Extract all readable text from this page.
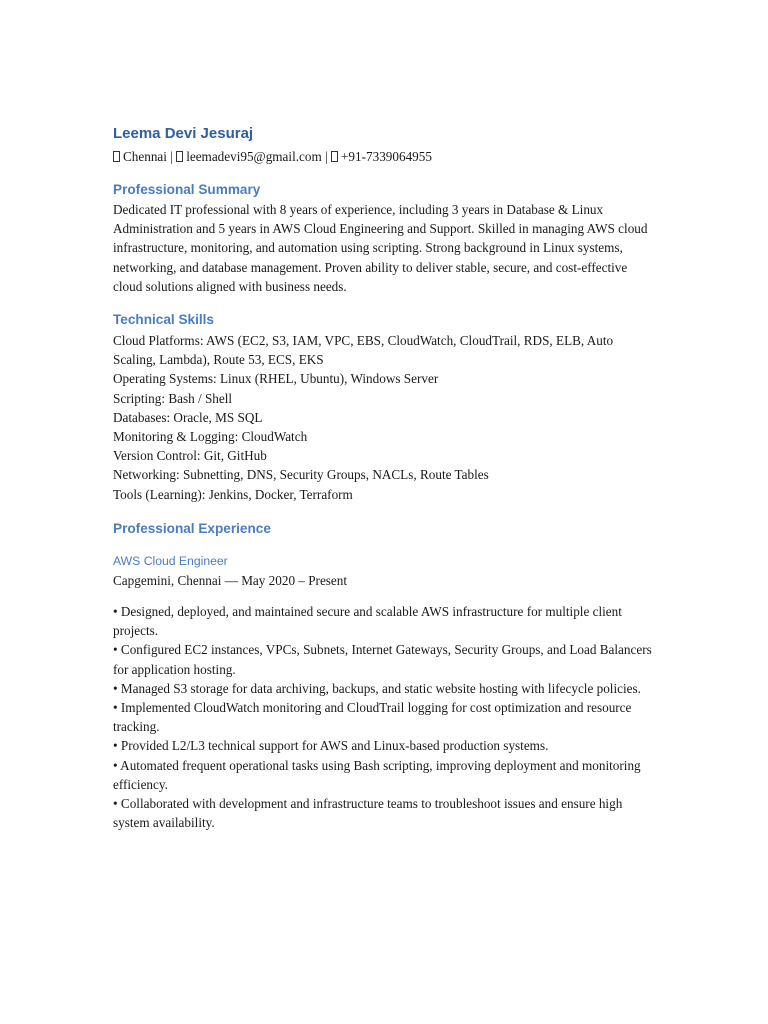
Leema Devi Jesuraj
Chennai | leemadevi95@gmail.com | +91-7339064955
Professional Summary
Dedicated IT professional with 8 years of experience, including 3 years in Database & Linux Administration and 5 years in AWS Cloud Engineering and Support. Skilled in managing AWS cloud infrastructure, monitoring, and automation using scripting. Strong background in Linux systems, networking, and database management. Proven ability to deliver stable, secure, and cost-effective cloud solutions aligned with business needs.
Technical Skills
Cloud Platforms: AWS (EC2, S3, IAM, VPC, EBS, CloudWatch, CloudTrail, RDS, ELB, Auto Scaling, Lambda), Route 53, ECS, EKS
Operating Systems: Linux (RHEL, Ubuntu), Windows Server
Scripting: Bash / Shell
Databases: Oracle, MS SQL
Monitoring & Logging: CloudWatch
Version Control: Git, GitHub
Networking: Subnetting, DNS, Security Groups, NACLs, Route Tables
Tools (Learning): Jenkins, Docker, Terraform
Professional Experience
AWS Cloud Engineer
Capgemini, Chennai — May 2020 – Present
• Designed, deployed, and maintained secure and scalable AWS infrastructure for multiple client projects.
• Configured EC2 instances, VPCs, Subnets, Internet Gateways, Security Groups, and Load Balancers for application hosting.
• Managed S3 storage for data archiving, backups, and static website hosting with lifecycle policies.
• Implemented CloudWatch monitoring and CloudTrail logging for cost optimization and resource tracking.
• Provided L2/L3 technical support for AWS and Linux-based production systems.
• Automated frequent operational tasks using Bash scripting, improving deployment and monitoring efficiency.
• Collaborated with development and infrastructure teams to troubleshoot issues and ensure high system availability.
